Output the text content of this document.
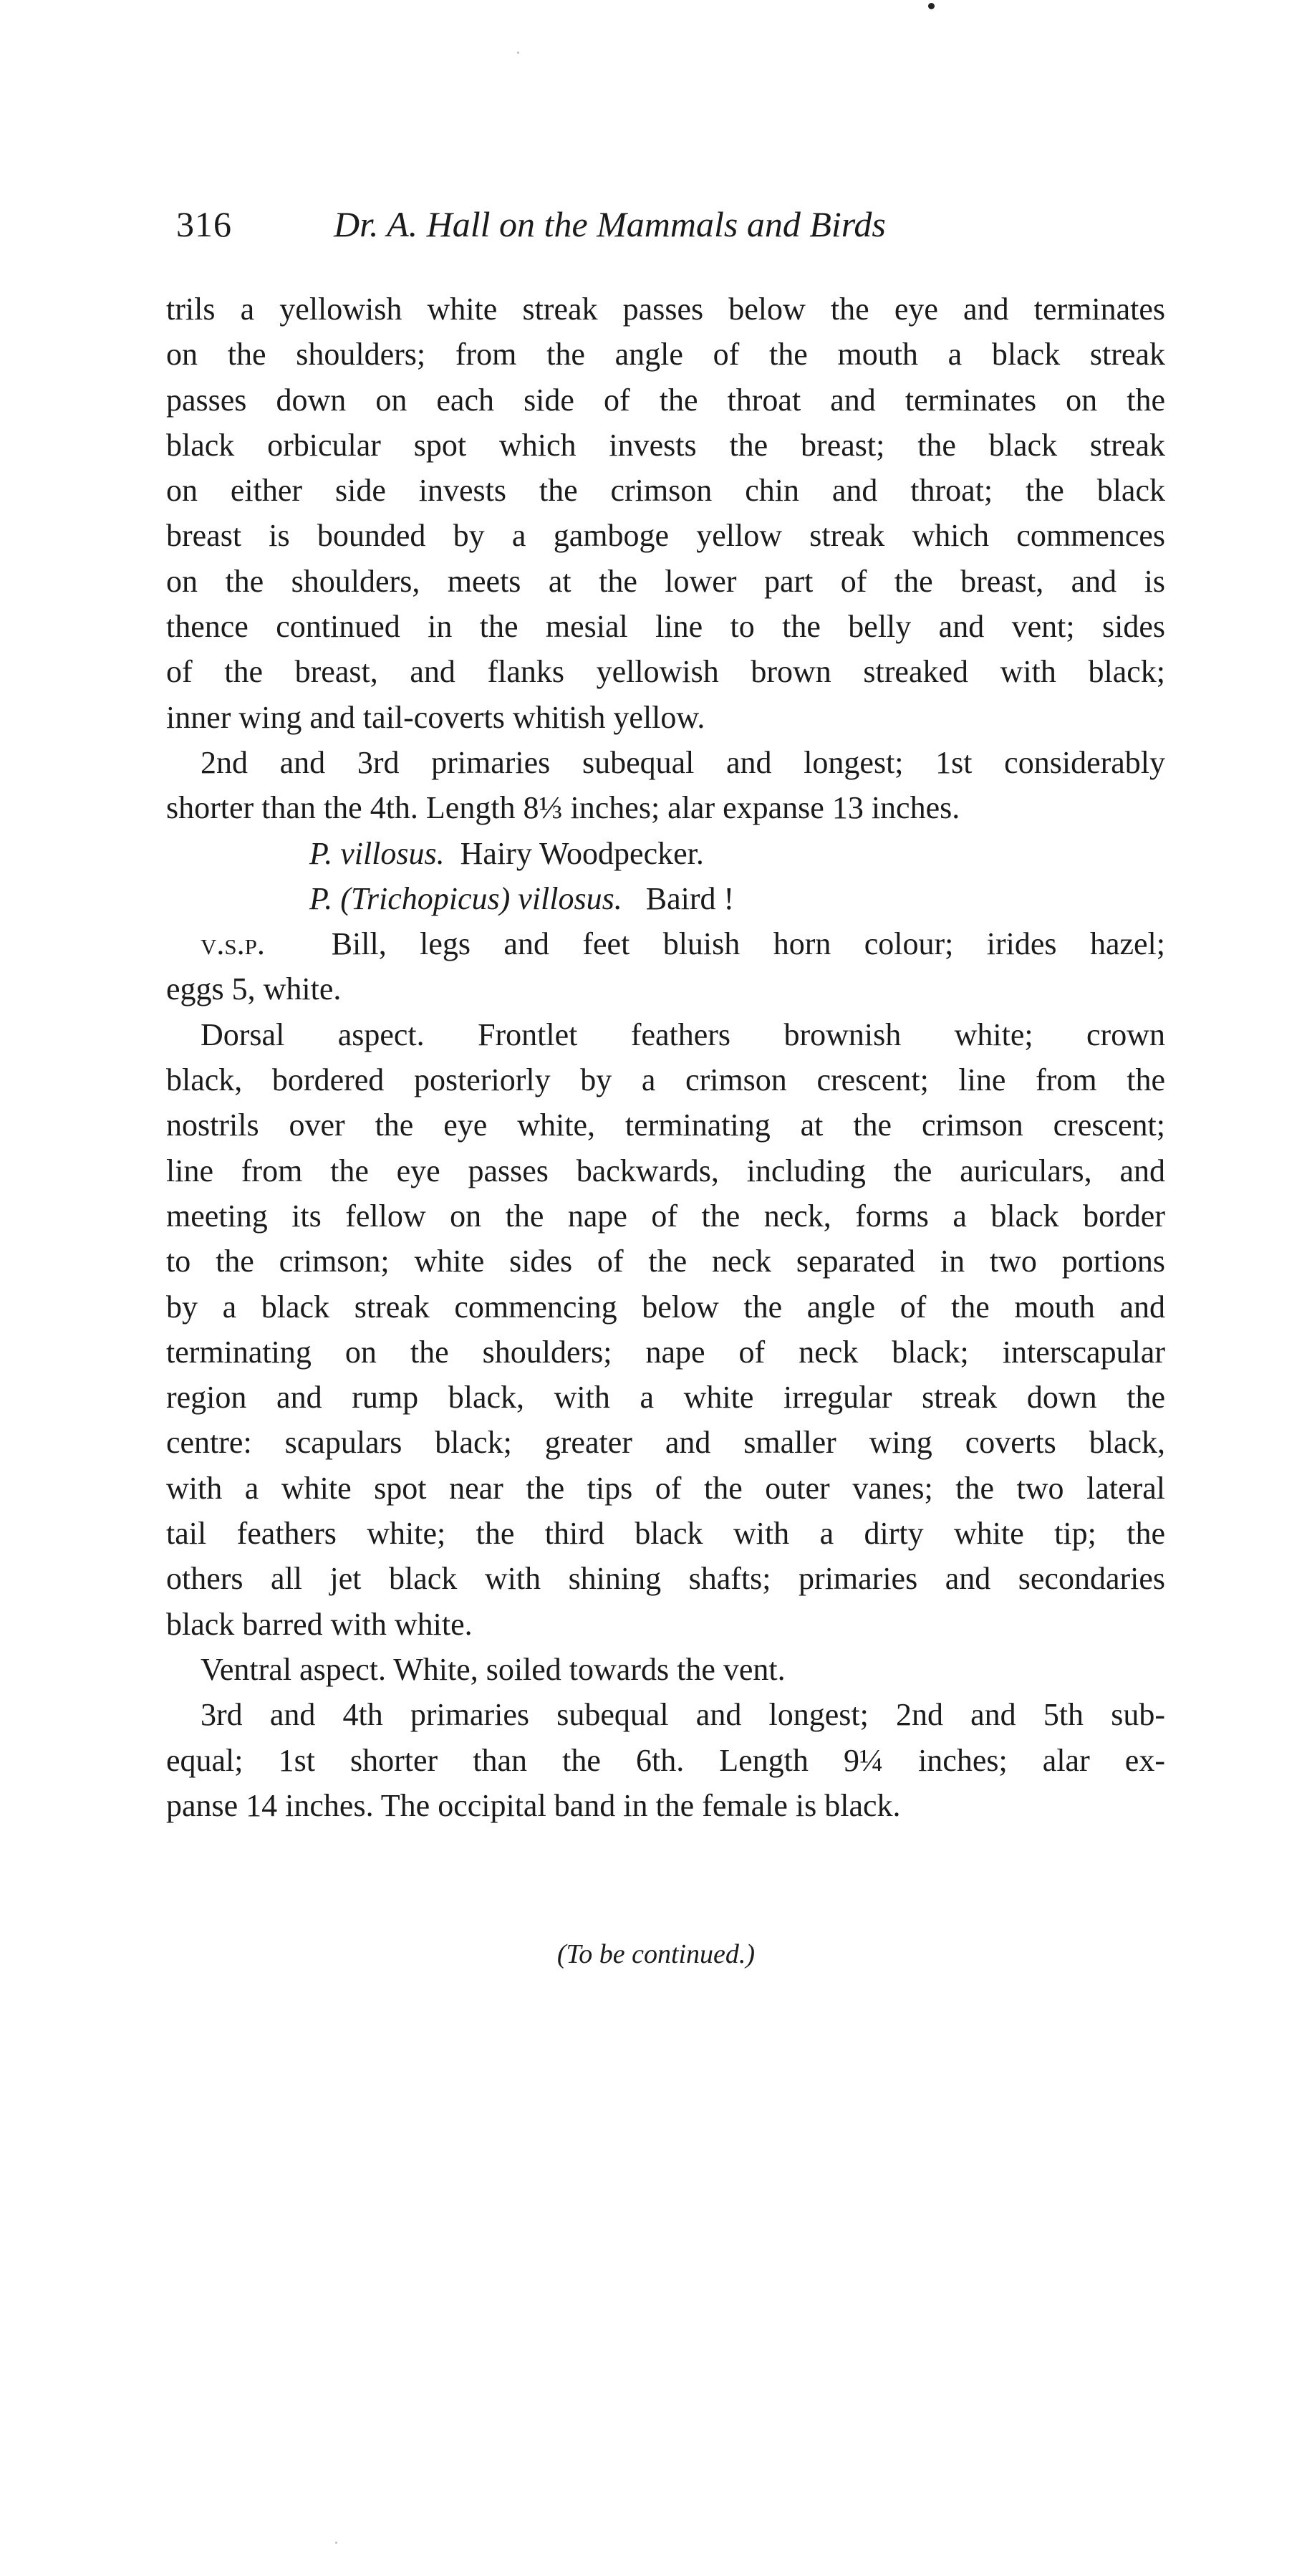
316	Dr. A. Hall on the Mammals and Birds
trils a yellowish white streak passes below the eye and terminates
on the shoulders; from the angle of the mouth a black streak
passes down on each side of the throat and terminates on the
black orbicular spot which invests the breast; the black streak
on either side invests the crimson chin and throat; the black
breast is bounded by a gamboge yellow streak which commences
on the shoulders, meets at the lower part of the breast, and is
thence continued in the mesial line to the belly and vent; sides
of the breast, and flanks yellowish brown streaked with black;
inner wing and tail-coverts whitish yellow.
2nd and 3rd primaries subequal and longest; 1st considerably
shorter than the 4th. Length 8⅓ inches; alar expanse 13 inches.
P. villosus. Hairy Woodpecker.
P. (Trichopicus) villosus. Baird !
v.s.p. Bill, legs and feet bluish horn colour; irides hazel;
eggs 5, white.
Dorsal aspect. Frontlet feathers brownish white; crown
black, bordered posteriorly by a crimson crescent; line from the
nostrils over the eye white, terminating at the crimson crescent;
line from the eye passes backwards, including the auriculars, and
meeting its fellow on the nape of the neck, forms a black border
to the crimson; white sides of the neck separated in two portions
by a black streak commencing below the angle of the mouth and
terminating on the shoulders; nape of neck black; interscapular
region and rump black, with a white irregular streak down the
centre: scapulars black; greater and smaller wing coverts black,
with a white spot near the tips of the outer vanes; the two lateral
tail feathers white; the third black with a dirty white tip; the
others all jet black with shining shafts; primaries and secondaries
black barred with white.
Ventral aspect. White, soiled towards the vent.
3rd and 4th primaries subequal and longest; 2nd and 5th sub-
equal; 1st shorter than the 6th. Length 9¼ inches; alar ex-
panse 14 inches. The occipital band in the female is black.
(To be continued.)
